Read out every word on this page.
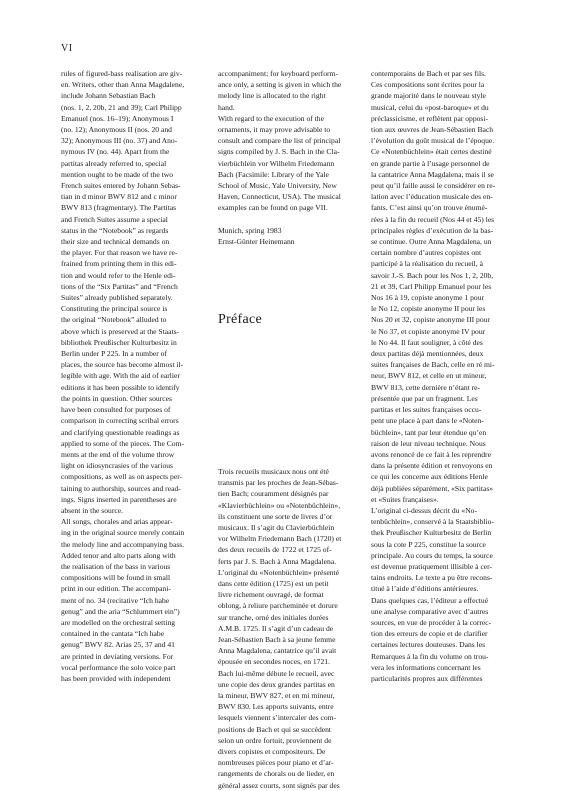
VI
rules of figured-bass realisation are giv-
en. Writers, other than Anna Magdalene,
include Johann Sebastian Bach
(nos. 1, 2, 20b, 21 and 39); Carl Philipp
Emanuel (nos. 16–19); Anonymous I
(no. 12); Anonymous II (nos. 20 and
32); Anonymous III (no. 37) and Ano-
nymous IV (no. 44). Apart from the
partitas already referred to, special
mention ought to be made of the two
French suites entered by Johann Sebas-
tian in d minor BWV 812 and c minor
BWV 813 (fragmentary). The Partitas
and French Suites assume a special
status in the “Notebook” as regards
their size and technical demands on
the player. For that reason we have re-
frained from printing them in this edi-
tion and would refer to the Henle edi-
tions of the “Six Partitas” and “French
Suites” already published separately.
Constituting the principal source is
the original “Notebook” alluded to
above which is preserved at the Staats-
bibliothek Preußischer Kulturbesitz in
Berlin under P 225. In a number of
places, the source has become almost il-
legible with age. With the aid of earlier
editions it has been possible to identify
the points in question. Other sources
have been consulted for purposes of
comparison in correcting scribal errors
and clarifying questionable readings as
applied to some of the pieces. The Com-
ments at the end of the volume throw
light on idiosyncrasies of the various
compositions, as well as on aspects per-
taining to authorship, sources and read-
ings. Signs inserted in parentheses are
absent in the source.
All songs, chorales and arias appear-
ing in the original source merely contain
the melody line and accompanying bass.
Added tenor and alto parts along with
the realisation of the bass in various
compositions will be found in small
print in our edition. The accompani-
ment of no. 34 (recitative “Ich habe
genug” and the aria “Schlummert ein”)
are modelled on the orchestral setting
contained in the cantata “Ich habe
genug” BWV 82. Arias 25, 37 and 41
are printed in deviating versions. For
vocal performance the solo voice part
has been provided with independent
accompaniment; for keyboard perform-
ance only, a setting is given in which the
melody line is allocated to the right
hand.
With regard to the execution of the
ornaments, it may prove advisable to
consult and compare the list of principal
signs compiled by J. S. Bach in the Cla-
vierbüchlein vor Wilhelm Friedemann
Bach (Facsimile: Library of the Yale
School of Music, Yale University, New
Haven, Connecticut, USA). The musical
examples can be found on page VII.
Munich, spring 1983
Ernst-Günter Heinemann
Préface
Trois recueils musicaux nous ont été
transmis par les proches de Jean-Sébas-
tien Bach; couramment désignés par
«Klavierbüchlein» ou «Notenbüchlein»,
ils constituent une sorte de livres d’or
musicaux. Il s’agit du Clavierbüchlein
vor Wilhelm Friedemann Bach (1720) et
des deux recueils de 1722 et 1725 of-
ferts par J. S. Bach à Anna Magdalena.
L’original du «Notenbüchlein» présenté
dans cette édition (1725) est un petit
livre richement ouvragé, de format
oblong, à reliure parcheminée et dorure
sur tranche, orné des initiales dorées
A.M.B. 1725. Il s’agit d’un cadeau de
Jean-Sébastien Bach à sa jeune femme
Anna Magdalena, cantatrice qu’il avait
épousée en secondes noces, en 1721.
Bach lui-même débute le recueil, avec
une copie des deux grandes partitas en
la mineur, BWV 827, et en mi mineur,
BWV 830. Les apports suivants, entre
lesquels viennent s’intercaler des com-
positions de Bach et qui se succèdent
selon un ordre fortuit, proviennent de
divers copistes et compositeurs. De
nombreuses pièces pour piano et d’ar-
rangements de chorals ou de lieder, en
général assez courts, sont signés par des
contemporains de Bach et par ses fils.
Ces compositions sont écrites pour la
grande majorité dans le nouveau style
musical, celui du «post-baroque» et du
préclassicisme, et reflètent par opposi-
tion aux œuvres de Jean-Sébastien Bach
l’évolution du goût musical de l’époque.
Ce «Notenbüchlein» était certes destiné
en grande partie à l’usage personnel de
la cantatrice Anna Magdalena, mais il se
peut qu’il faille aussi le considérer en re-
lation avec l’éducation musicale des en-
fants. C’est ainsi qu’on trouve énumé-
rées à la fin du recueil (Nos 44 et 45) les
principales règles d’exécution de la bas-
se continue. Outre Anna Magdalena, un
certain nombre d’autres copistes ont
participé à la réalisation du recueil, à
savoir J.-S. Bach pour les Nos 1, 2, 20b,
21 et 39, Carl Philipp Emanuel pour les
Nos 16 à 19, copiste anonyme 1 pour
le No 12, copiste anonyme II pour les
Nos 20 et 32, copiste anonyme III pour
le No 37, et copiste anonyme IV pour
le No 44. Il faut souligner, à côté des
deux partitas déjà mentionnées, deux
suites françaises de Bach, celle en ré mi-
neur, BWV 812, et celle en ut mineur,
BWV 813, cette dernière n’étant re-
présentée que par un fragment. Les
partitas et les suites françaises occu-
pent une place à part dans le «Noten-
büchlein», tant par leur étendue qu’en
raison de leur niveau technique. Nous
avons renoncé de ce fait à les reprendre
dans la présente édition et renvoyons en
ce qui les concerne aux éditions Henle
déjà publiées séparément, «Six partitas»
et «Suites françaises».
L’original ci-dessus décrit du «No-
tenbüchlein», conservé à la Staatsbiblio-
thek Preußischer Kulturbesitz de Berlin
sous la cote P 225, constitue la source
principale. Au cours du temps, la source
est devenue pratiquement illisible à cer-
tains endroits. Le texte a pu être recons-
titué à l’aide d’éditions antérieures.
Dans quelques cas, l’éditeur a effectué
une analyse comparative avec d’autres
sources, en vue de procéder à la correc-
tion des erreurs de copie et de clarifier
certaines lectures douteuses. Dans les
Remarques à la fin du volume on trou-
vera les informations concernant les
particularités propres aux différentes
